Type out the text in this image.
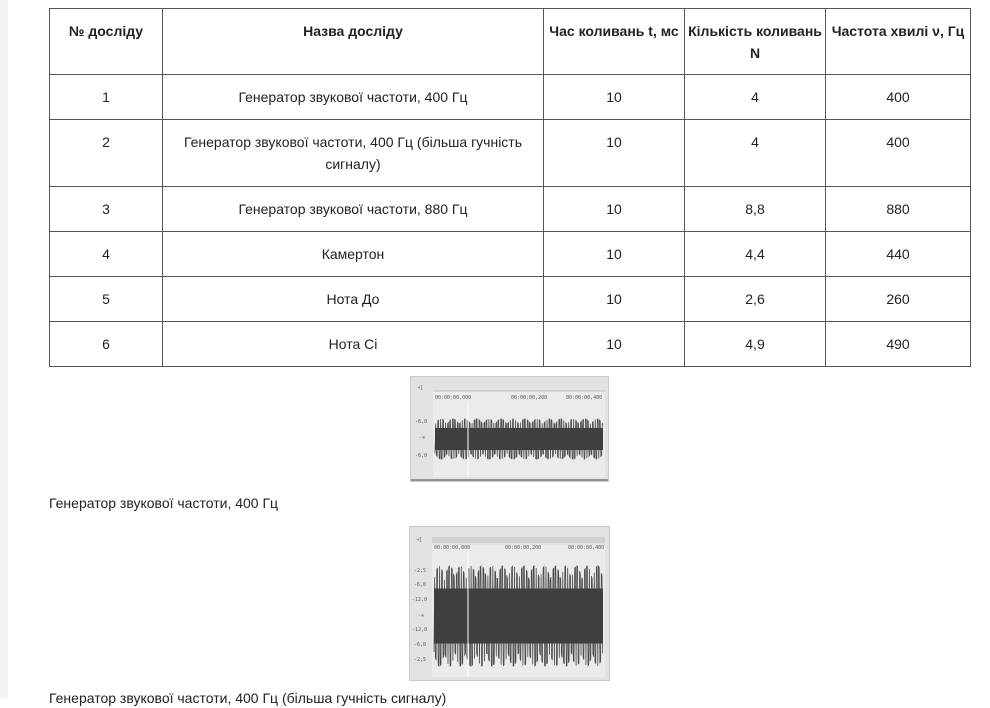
№ досліду	Назва досліду	Час коливань t, мс	Кількість коливань N	Частота хвилі ν, Гц
1	Генератор звукової частоти, 400 Гц	10	4	400
2	Генератор звукової частоти, 400 Гц (більша гучність сигналу)	10	4	400
3	Генератор звукової частоти, 880 Гц	10	8,8	880
4	Камертон	10	4,4	440
5	Нота До	10	2,6	260
6	Нота Сі	10	4,9	490
⊣[
00:00:00,000	00:00:00,200	00:00:00,400
-6,0
-∞
-6,0
Генератор звукової частоти, 400 Гц
⊣[
00:00:00,000	00:00:00,200	00:00:00,400
-2,5
-6,0
-12,0
-∞
-12,0
-6,0
-2,5
Генератор звукової частоти, 400 Гц (більша гучність сигналу)
